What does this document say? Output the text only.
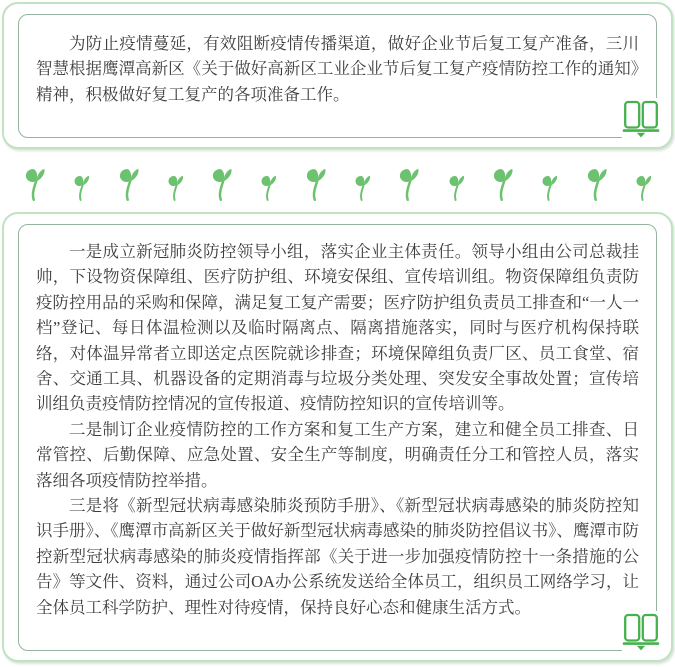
为防止疫情蔓延，有效阻断疫情传播渠道，做好企业节后复工复产准备，三川智慧根据鹰潭高新区《关于做好高新区工业企业节后复工复产疫情防控工作的通知》精神，积极做好复工复产的各项准备工作。

一是成立新冠肺炎防控领导小组，落实企业主体责任。领导小组由公司总裁挂帅，下设物资保障组、医疗防护组、环境安保组、宣传培训组。物资保障组负责防疫防控用品的采购和保障，满足复工复产需要；医疗防护组负责员工排查和“一人一档”登记、每日体温检测以及临时隔离点、隔离措施落实，同时与医疗机构保持联络，对体温异常者立即送定点医院就诊排查；环境保障组负责厂区、员工食堂、宿舍、交通工具、机器设备的定期消毒与垃圾分类处理、突发安全事故处置；宣传培训组负责疫情防控情况的宣传报道、疫情防控知识的宣传培训等。

二是制订企业疫情防控的工作方案和复工生产方案，建立和健全员工排查、日常管控、后勤保障、应急处置、安全生产等制度，明确责任分工和管控人员，落实落细各项疫情防控举措。

三是将《新型冠状病毒感染肺炎预防手册》、《新型冠状病毒感染的肺炎防控知识手册》、《鹰潭市高新区关于做好新型冠状病毒感染的肺炎防控倡议书》、鹰潭市防控新型冠状病毒感染的肺炎疫情指挥部《关于进一步加强疫情防控十一条措施的公告》等文件、资料，通过公司OA办公系统发送给全体员工，组织员工网络学习，让全体员工科学防护、理性对待疫情，保持良好心态和健康生活方式。
